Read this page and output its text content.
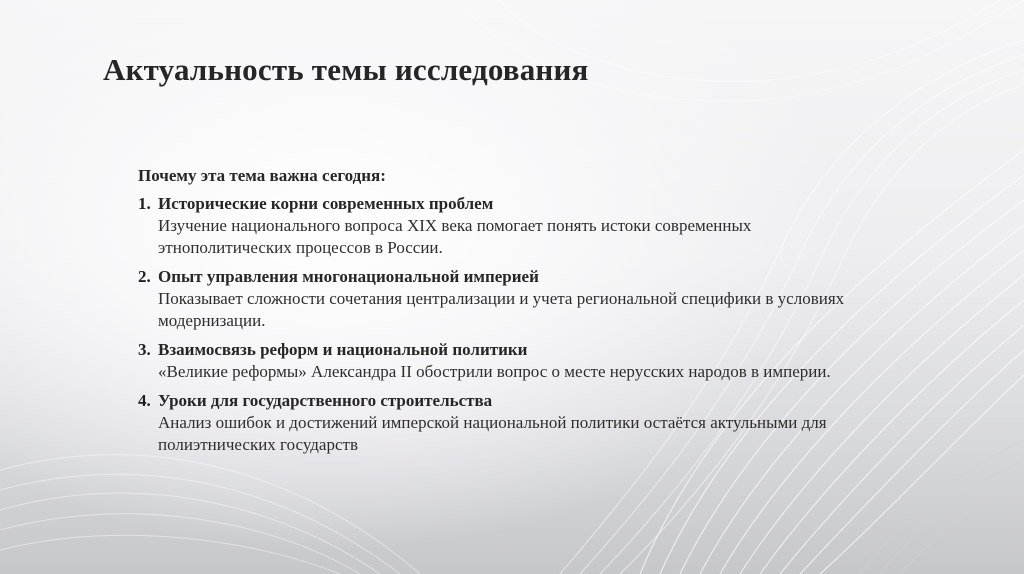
Актуальность темы исследования

Почему эта тема важна сегодня:

1. Исторические корни современных проблем
Изучение национального вопроса XIX века помогает понять истоки современных этнополитических процессов в России.
2. Опыт управления многонациональной империей
Показывает сложности сочетания централизации и учета региональной специфики в условиях модернизации.
3. Взаимосвязь реформ и национальной политики
«Великие реформы» Александра II обострили вопрос о месте нерусских народов в империи.
4. Уроки для государственного строительства
Анализ ошибок и достижений имперской национальной политики остаётся актульными для полиэтнических государств
